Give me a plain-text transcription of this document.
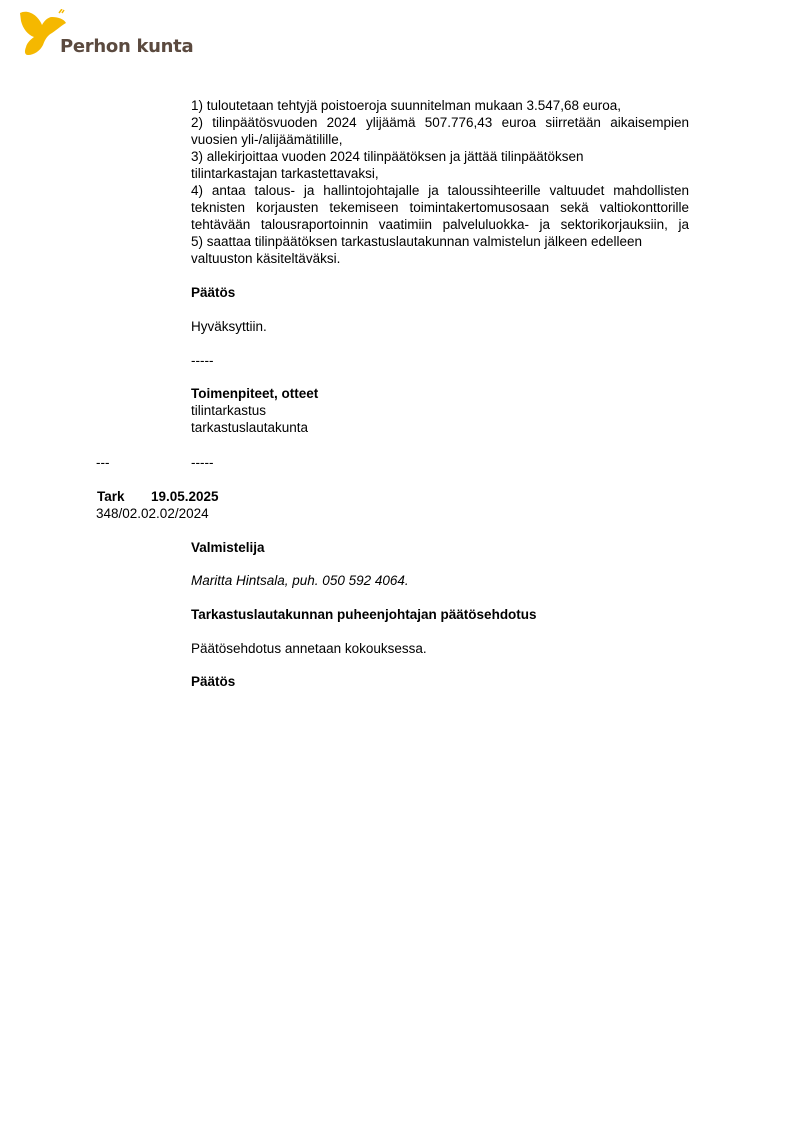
Perhon kunta
1) tuloutetaan tehtyjä poistoeroja suunnitelman mukaan 3.547,68 euroa,
2) tilinpäätösvuoden 2024 ylijäämä 507.776,43 euroa siirretään aikaisempien
vuosien yli-/alijäämätilille,
3) allekirjoittaa vuoden 2024 tilinpäätöksen ja jättää tilinpäätöksen
tilintarkastajan tarkastettavaksi,
4) antaa talous- ja hallintojohtajalle ja taloussihteerille valtuudet mahdollisten
teknisten korjausten tekemiseen toimintakertomusosaan sekä valtiokonttorille
tehtävään talousraportoinnin vaatimiin palveluluokka- ja sektorikorjauksiin, ja
5) saattaa tilinpäätöksen tarkastuslautakunnan valmistelun jälkeen edelleen
valtuuston käsiteltäväksi.
Päätös
Hyväksyttiin.
-----
Toimenpiteet, otteet
tilintarkastus
tarkastuslautakunta
---	-----
Tark 19.05.2025
348/02.02.02/2024
Valmistelija
Maritta Hintsala, puh. 050 592 4064.
Tarkastuslautakunnan puheenjohtajan päätösehdotus
Päätösehdotus annetaan kokouksessa.
Päätös
